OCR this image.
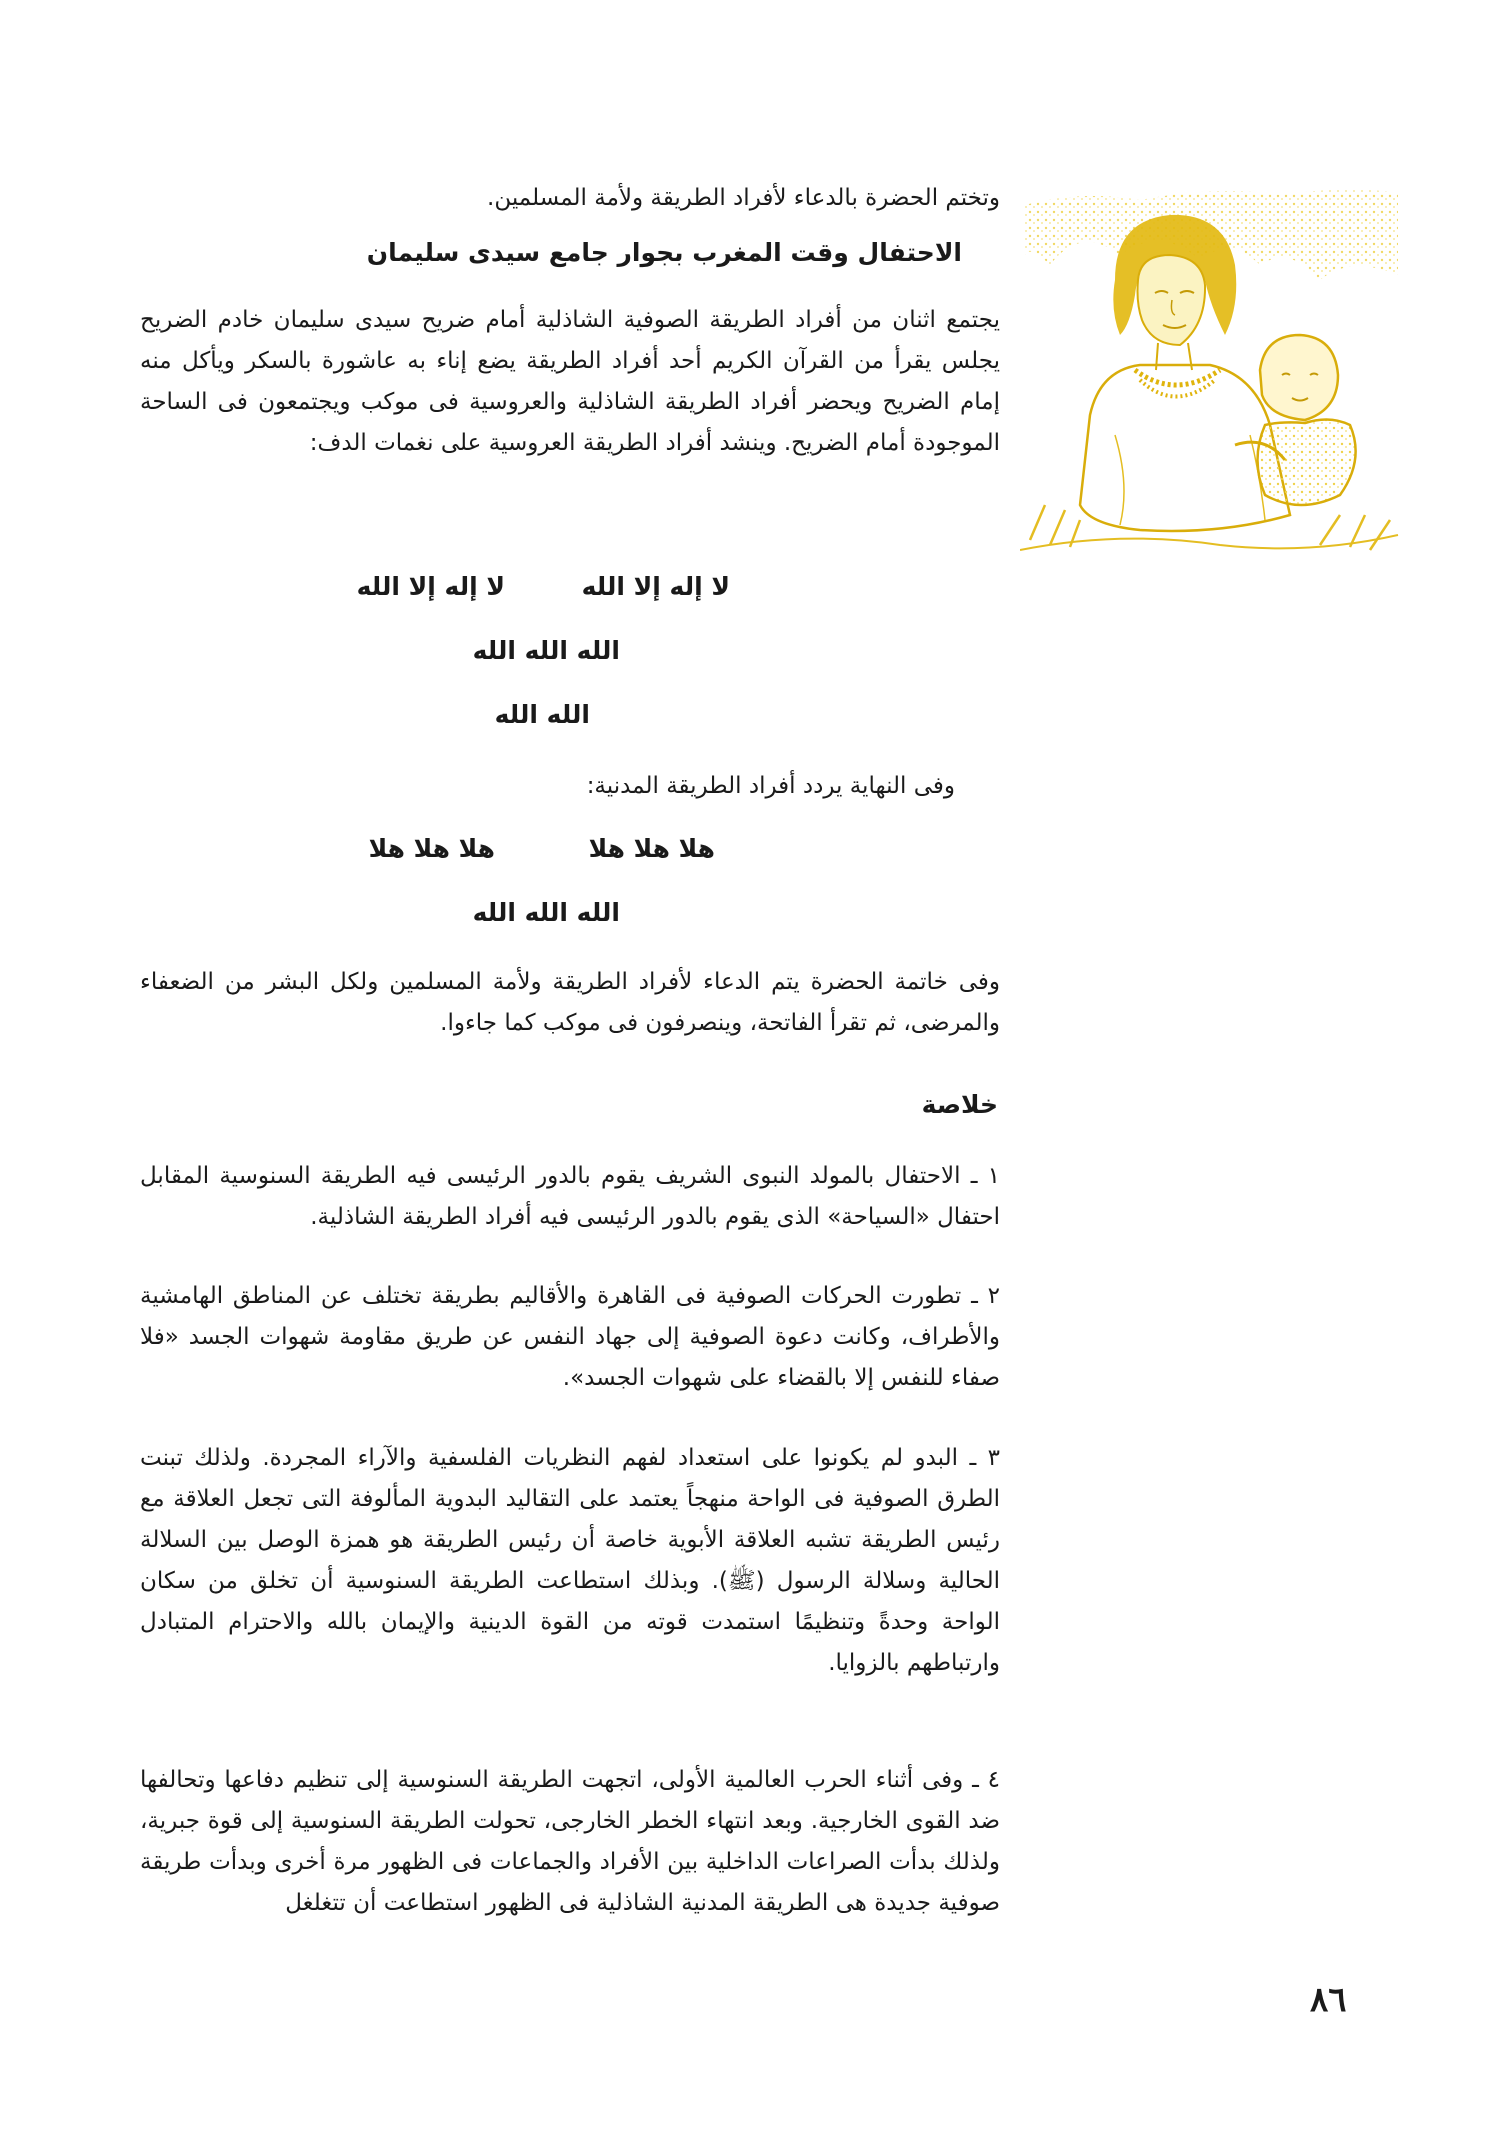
وتختم الحضرة بالدعاء لأفراد الطريقة ولأمة المسلمين.
الاحتفال وقت المغرب بجوار جامع سيدى سليمان

يجتمع اثنان من أفراد الطريقة الصوفية الشاذلية أمام ضريح سيدى سليمان خادم الضريح يجلس يقرأ من القرآن الكريم أحد أفراد الطريقة يضع إناء به عاشورة بالسكر ويأكل منه إمام الضريح ويحضر أفراد الطريقة الشاذلية والعروسية فى موكب ويجتمعون فى الساحة الموجودة أمام الضريح. وينشد أفراد الطريقة العروسية على نغمات الدف:

لا إله إلا الله
لا إله إلا الله
الله الله الله
الله الله
وفى النهاية يردد أفراد الطريقة المدنية:
هلا هلا هلا
هلا هلا هلا
الله الله الله

وفى خاتمة الحضرة يتم الدعاء لأفراد الطريقة ولأمة المسلمين ولكل البشر من الضعفاء والمرضى، ثم تقرأ الفاتحة، وينصرفون فى موكب كما جاءوا.

خلاصة

١ ـ الاحتفال بالمولد النبوى الشريف يقوم بالدور الرئيسى فيه الطريقة السنوسية المقابل احتفال «السياحة» الذى يقوم بالدور الرئيسى فيه أفراد الطريقة الشاذلية.

٢ ـ تطورت الحركات الصوفية فى القاهرة والأقاليم بطريقة تختلف عن المناطق الهامشية والأطراف، وكانت دعوة الصوفية إلى جهاد النفس عن طريق مقاومة شهوات الجسد «فلا صفاء للنفس إلا بالقضاء على شهوات الجسد».

٣ ـ البدو لم يكونوا على استعداد لفهم النظريات الفلسفية والآراء المجردة. ولذلك تبنت الطرق الصوفية فى الواحة منهجاً يعتمد على التقاليد البدوية المألوفة التى تجعل العلاقة مع رئيس الطريقة تشبه العلاقة الأبوية خاصة أن رئيس الطريقة هو همزة الوصل بين السلالة الحالية وسلالة الرسول (ﷺ). وبذلك استطاعت الطريقة السنوسية أن تخلق من سكان الواحة وحدةً وتنظيمًا استمدت قوته من القوة الدينية والإيمان بالله والاحترام المتبادل وارتباطهم بالزوايا.

٤ ـ وفى أثناء الحرب العالمية الأولى، اتجهت الطريقة السنوسية إلى تنظيم دفاعها وتحالفها ضد القوى الخارجية. وبعد انتهاء الخطر الخارجى، تحولت الطريقة السنوسية إلى قوة جبرية، ولذلك بدأت الصراعات الداخلية بين الأفراد والجماعات فى الظهور مرة أخرى وبدأت طريقة صوفية جديدة هى الطريقة المدنية الشاذلية فى الظهور استطاعت أن تتغلغل

٨٦
